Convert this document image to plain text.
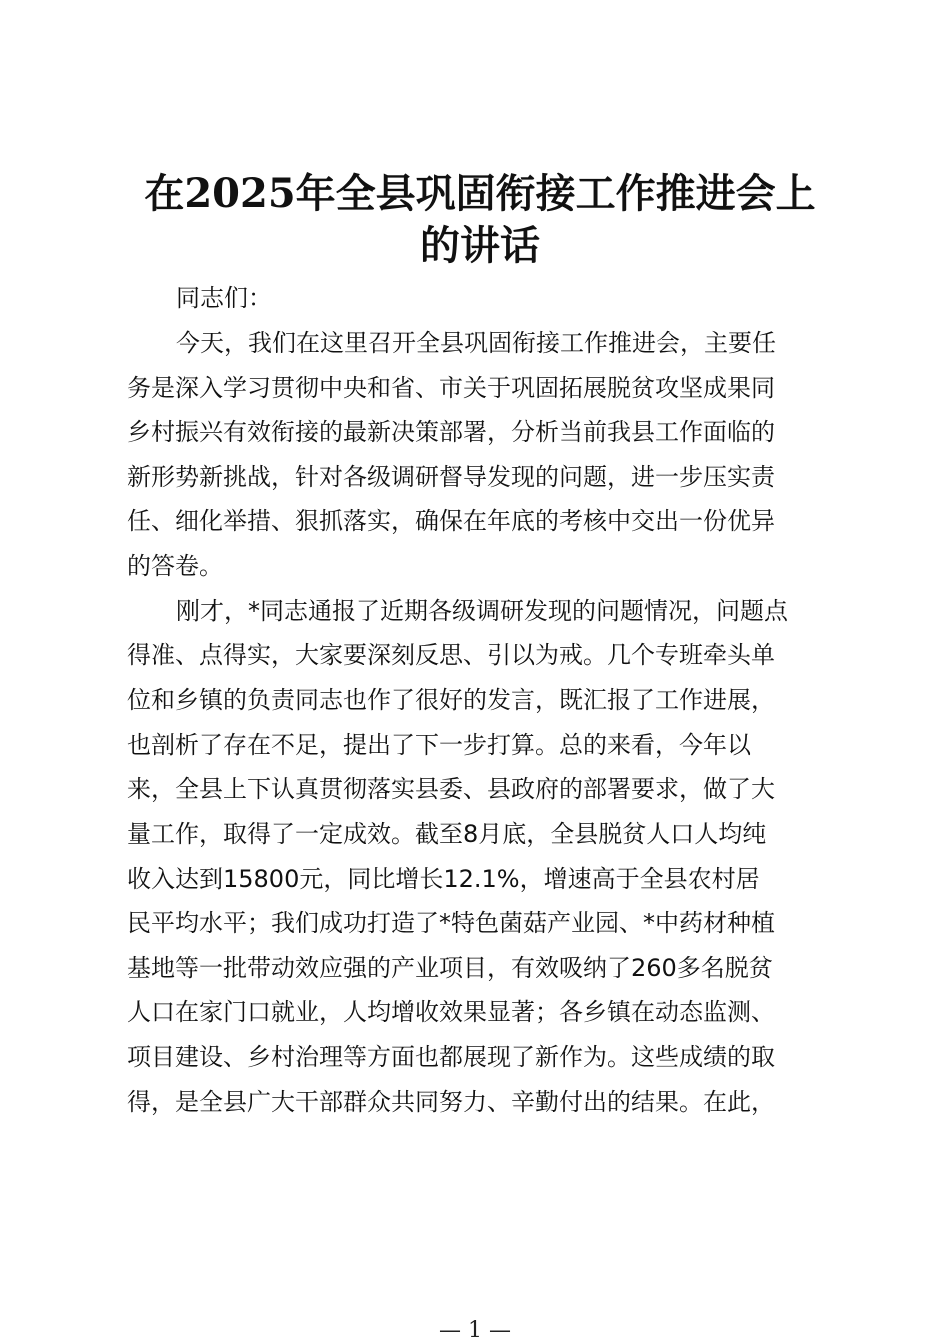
在2025年全县巩固衔接工作推进会上
的讲话
同志们：
今天，我们在这里召开全县巩固衔接工作推进会，主要任
务是深入学习贯彻中央和省、市关于巩固拓展脱贫攻坚成果同
乡村振兴有效衔接的最新决策部署，分析当前我县工作面临的
新形势新挑战，针对各级调研督导发现的问题，进一步压实责
任、细化举措、狠抓落实，确保在年底的考核中交出一份优异
的答卷。
刚才，*同志通报了近期各级调研发现的问题情况，问题点
得准、点得实，大家要深刻反思、引以为戒。几个专班牵头单
位和乡镇的负责同志也作了很好的发言，既汇报了工作进展，
也剖析了存在不足，提出了下一步打算。总的来看，今年以
来，全县上下认真贯彻落实县委、县政府的部署要求，做了大
量工作，取得了一定成效。截至8月底，全县脱贫人口人均纯
收入达到15800元，同比增长12.1%，增速高于全县农村居
民平均水平；我们成功打造了*特色菌菇产业园、*中药材种植
基地等一批带动效应强的产业项目，有效吸纳了260多名脱贫
人口在家门口就业，人均增收效果显著；各乡镇在动态监测、
项目建设、乡村治理等方面也都展现了新作为。这些成绩的取
得，是全县广大干部群众共同努力、辛勤付出的结果。在此，
— 1 —
